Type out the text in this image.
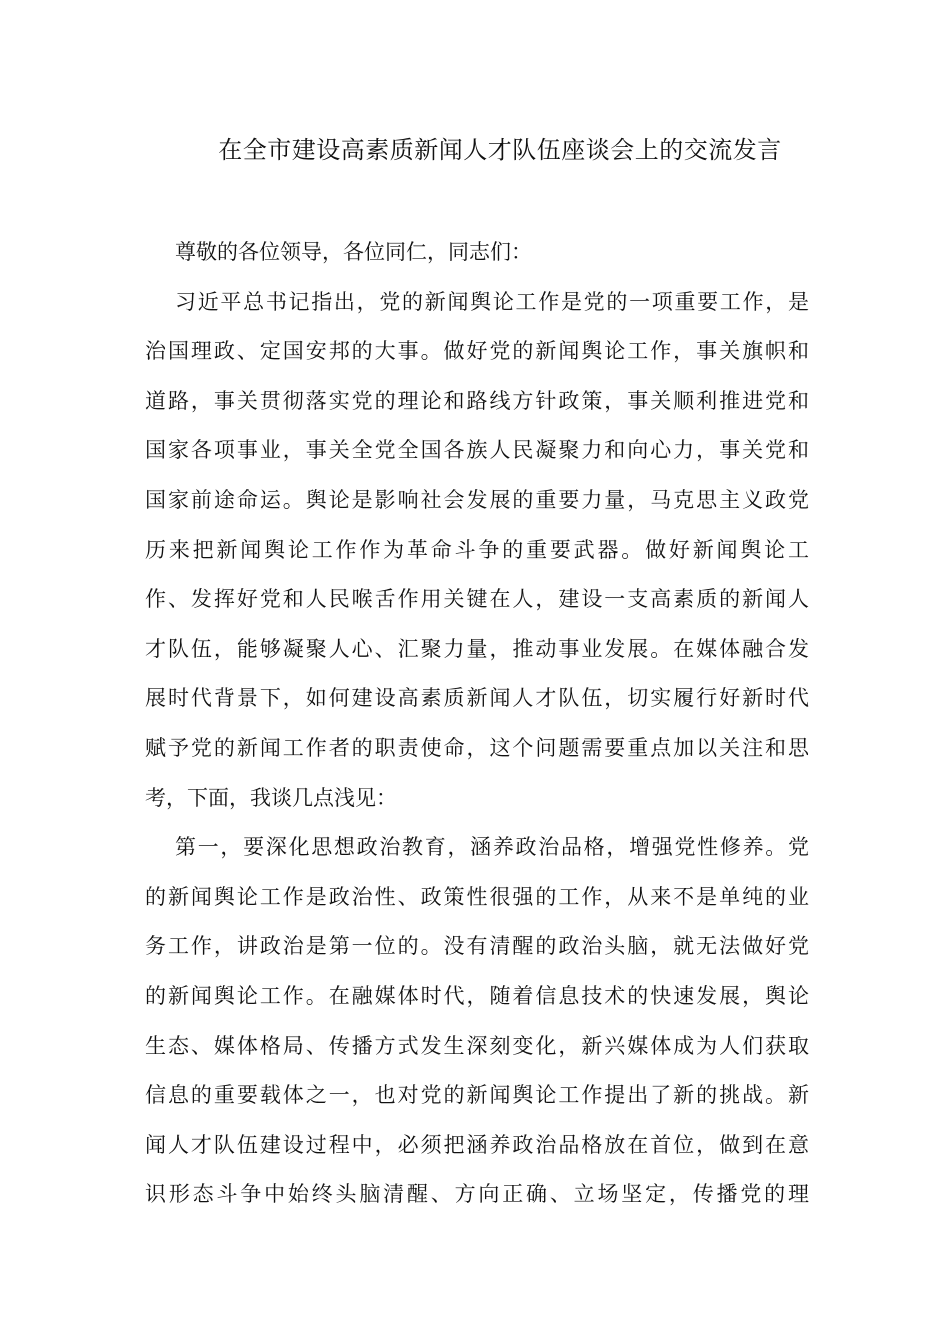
在全市建设高素质新闻人才队伍座谈会上的交流发言
尊敬的各位领导，各位同仁，同志们：
习近平总书记指出，党的新闻舆论工作是党的一项重要工作，是
治国理政、定国安邦的大事。做好党的新闻舆论工作，事关旗帜和
道路，事关贯彻落实党的理论和路线方针政策，事关顺利推进党和
国家各项事业，事关全党全国各族人民凝聚力和向心力，事关党和
国家前途命运。舆论是影响社会发展的重要力量，马克思主义政党
历来把新闻舆论工作作为革命斗争的重要武器。做好新闻舆论工
作、发挥好党和人民喉舌作用关键在人，建设一支高素质的新闻人
才队伍，能够凝聚人心、汇聚力量，推动事业发展。在媒体融合发
展时代背景下，如何建设高素质新闻人才队伍，切实履行好新时代
赋予党的新闻工作者的职责使命，这个问题需要重点加以关注和思
考，下面，我谈几点浅见：
第一，要深化思想政治教育，涵养政治品格，增强党性修养。党
的新闻舆论工作是政治性、政策性很强的工作，从来不是单纯的业
务工作，讲政治是第一位的。没有清醒的政治头脑，就无法做好党
的新闻舆论工作。在融媒体时代，随着信息技术的快速发展，舆论
生态、媒体格局、传播方式发生深刻变化，新兴媒体成为人们获取
信息的重要载体之一，也对党的新闻舆论工作提出了新的挑战。新
闻人才队伍建设过程中，必须把涵养政治品格放在首位，做到在意
识形态斗争中始终头脑清醒、方向正确、立场坚定，传播党的理
